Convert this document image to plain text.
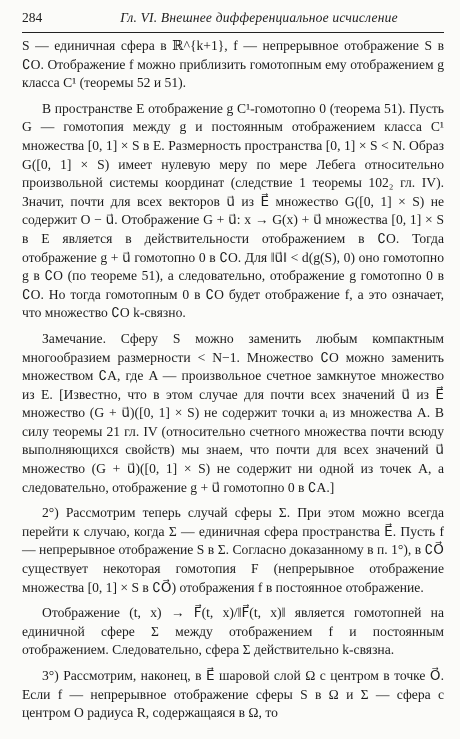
284	Гл. VI. Внешнее дифференциальное исчисление

S — единичная сфера в ℝ^{k+1}, f — непрерывное отображение S в ∁O. Отображение f можно приблизить гомотопным ему отображением g класса C¹ (теоремы 52 и 51).

В пространстве E отображение g C¹-гомотопно 0 (теорема 51). Пусть G — гомотопия между g и постоянным отображением класса C¹ множества [0, 1] × S в E. Размерность пространства [0, 1] × S < N. Образ G([0, 1] × S) имеет нулевую меру по мере Лебега относительно произвольной системы координат (следствие 1 теоремы 102₂ гл. IV). Значит, почти для всех векторов u⃗ из E⃗ множество G([0, 1] × S) не содержит O − u⃗. Отображение G + u⃗: x → G(x) + u⃗ множества [0, 1] × S в E является в действительности отображением в ∁O. Тогда отображение g + u⃗ гомотопно 0 в ∁O. Для ‖u⃗‖ < d(g(S), 0) оно гомотопно g в ∁O (по теореме 51), а следовательно, отображение g гомотопно 0 в ∁O. Но тогда гомотопным 0 в ∁O будет отображение f, а это означает, что множество ∁O k-связно.

Замечание. Сферу S можно заменить любым компактным многообразием размерности < N−1. Множество ∁O можно заменить множеством ∁A, где A — произвольное счетное замкнутое множество из E. [Известно, что в этом случае для почти всех значений u⃗ из E⃗ множество (G + u⃗)([0, 1] × S) не содержит точки aᵢ из множества A. В силу теоремы 21 гл. IV (относительно счетного множества почти всюду выполняющихся свойств) мы знаем, что почти для всех значений u⃗ множество (G + u⃗)([0, 1] × S) не содержит ни одной из точек A, а следовательно, отображение g + u⃗ гомотопно 0 в ∁A.]

2°) Рассмотрим теперь случай сферы Σ. При этом можно всегда перейти к случаю, когда Σ — единичная сфера пространства E⃗. Пусть f — непрерывное отображение S в Σ. Согласно доказанному в п. 1°), в ∁O⃗ существует некоторая гомотопия F (непрерывное отображение множества [0, 1] × S в ∁O⃗) отображения f в постоянное отображение.

Отображение (t, x) → F⃗(t, x)/‖F⃗(t, x)‖ является гомотопней на единичной сфере Σ между отображением f и постоянным отображением. Следовательно, сфера Σ действительно k-связна.

3°) Рассмотрим, наконец, в E⃗ шаровой слой Ω с центром в точке O⃗. Если f — непрерывное отображение сферы S в Ω и Σ — сфера с центром O радиуса R, содержащаяся в Ω, то
